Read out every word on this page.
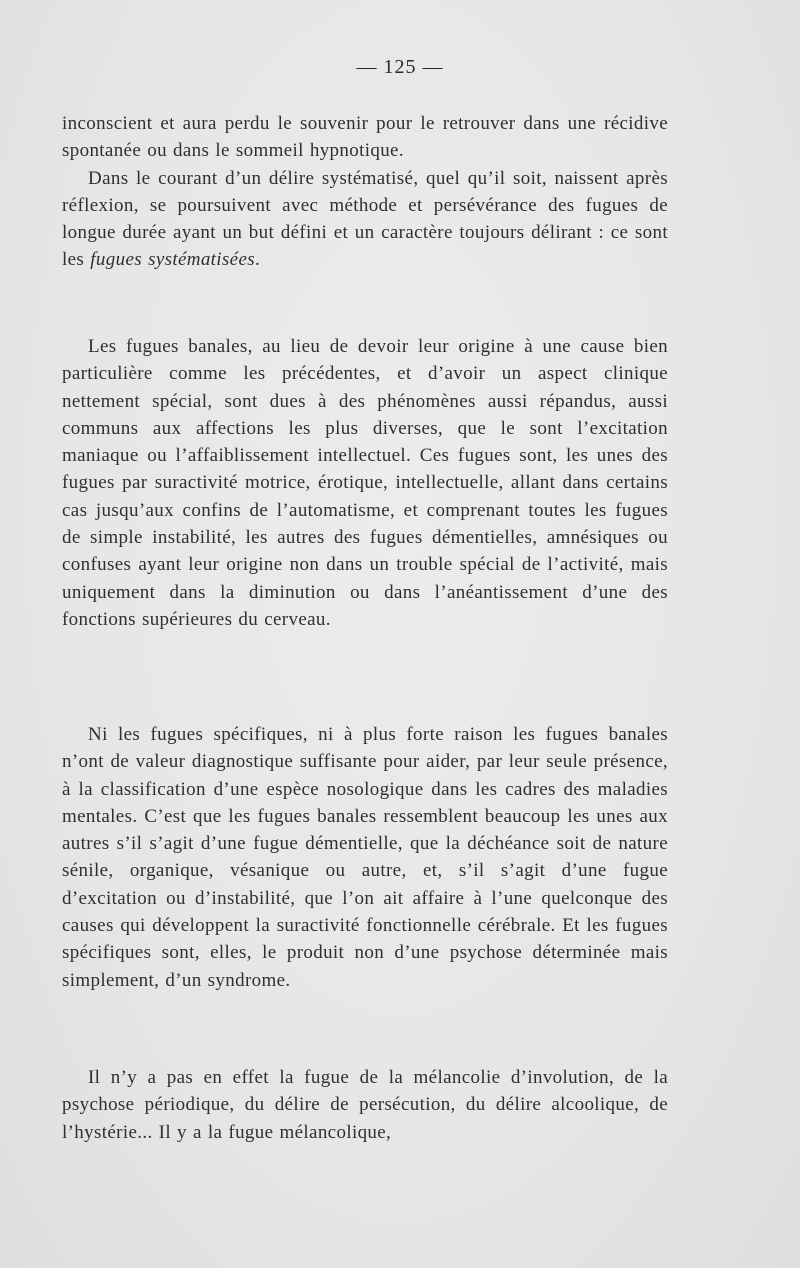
— 125 —

inconscient et aura perdu le souvenir pour le retrouver dans une récidive spontanée ou dans le sommeil hypnotique.

Dans le courant d’un délire systématisé, quel qu’il soit, naissent après réflexion, se poursuivent avec méthode et persévérance des fugues de longue durée ayant un but défini et un caractère toujours délirant : ce sont les fugues systématisées.

Les fugues banales, au lieu de devoir leur origine à une cause bien particulière comme les précédentes, et d’avoir un aspect clinique nettement spécial, sont dues à des phénomènes aussi répandus, aussi communs aux affections les plus diverses, que le sont l’excitation maniaque ou l’affaiblissement intellectuel. Ces fugues sont, les unes des fugues par suractivité motrice, érotique, intellectuelle, allant dans certains cas jusqu’aux confins de l’automatisme, et comprenant toutes les fugues de simple instabilité, les autres des fugues démentielles, amnésiques ou confuses ayant leur origine non dans un trouble spécial de l’activité, mais uniquement dans la diminution ou dans l’anéantissement d’une des fonctions supérieures du cerveau.

Ni les fugues spécifiques, ni à plus forte raison les fugues banales n’ont de valeur diagnostique suffisante pour aider, par leur seule présence, à la classification d’une espèce nosologique dans les cadres des maladies mentales. C’est que les fugues banales ressemblent beaucoup les unes aux autres s’il s’agit d’une fugue démentielle, que la déchéance soit de nature sénile, organique, vésanique ou autre, et, s’il s’agit d’une fugue d’excitation ou d’instabilité, que l’on ait affaire à l’une quelconque des causes qui développent la suractivité fonctionnelle cérébrale. Et les fugues spécifiques sont, elles, le produit non d’une psychose déterminée mais simplement, d’un syndrome.

Il n’y a pas en effet la fugue de la mélancolie d’involution, de la psychose périodique, du délire de persécution, du délire alcoolique, de l’hystérie... Il y a la fugue mélancolique,
